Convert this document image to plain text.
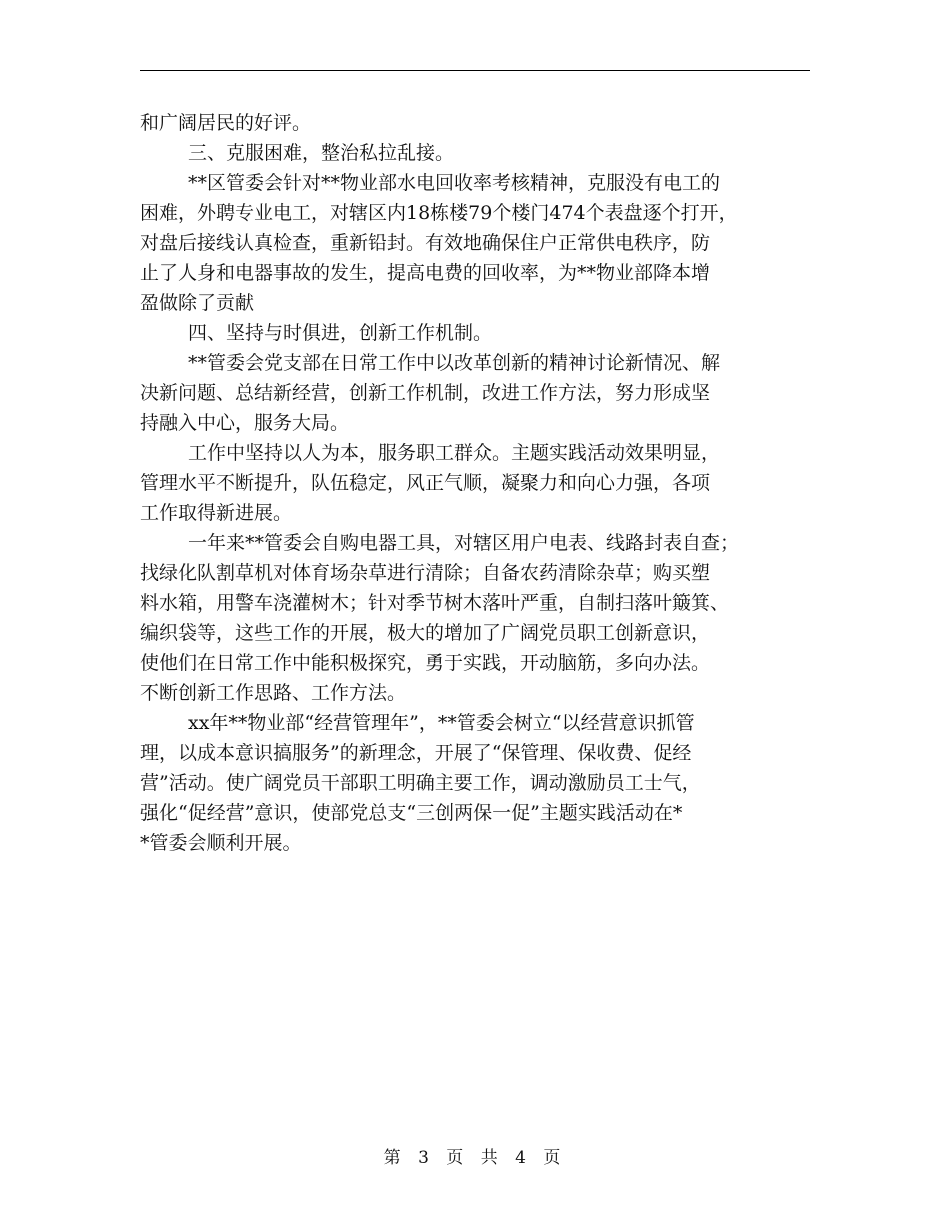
和广阔居民的好评。
三、克服困难，整治私拉乱接。
**区管委会针对**物业部水电回收率考核精神，克服没有电工的
困难，外聘专业电工，对辖区内18栋楼79个楼门474个表盘逐个打开，
对盘后接线认真检查，重新铅封。有效地确保住户正常供电秩序，防
止了人身和电器事故的发生，提高电费的回收率，为**物业部降本增
盈做除了贡献
四、坚持与时俱进，创新工作机制。
**管委会党支部在日常工作中以改革创新的精神讨论新情况、解
决新问题、总结新经营，创新工作机制，改进工作方法，努力形成坚
持融入中心，服务大局。
工作中坚持以人为本，服务职工群众。主题实践活动效果明显，
管理水平不断提升，队伍稳定，风正气顺，凝聚力和向心力强，各项
工作取得新进展。
一年来**管委会自购电器工具，对辖区用户电表、线路封表自查；
找绿化队割草机对体育场杂草进行清除；自备农药清除杂草；购买塑
料水箱，用警车浇灌树木；针对季节树木落叶严重，自制扫落叶簸箕、
编织袋等，这些工作的开展，极大的增加了广阔党员职工创新意识，
使他们在日常工作中能积极探究，勇于实践，开动脑筋，多向办法。
不断创新工作思路、工作方法。
xx年**物业部“经营管理年”，**管委会树立“以经营意识抓管
理，以成本意识搞服务”的新理念，开展了“保管理、保收费、促经
营”活动。使广阔党员干部职工明确主要工作，调动激励员工士气，
强化“促经营”意识，使部党总支“三创两保一促”主题实践活动在*
*管委会顺利开展。
第 3 页 共 4 页
